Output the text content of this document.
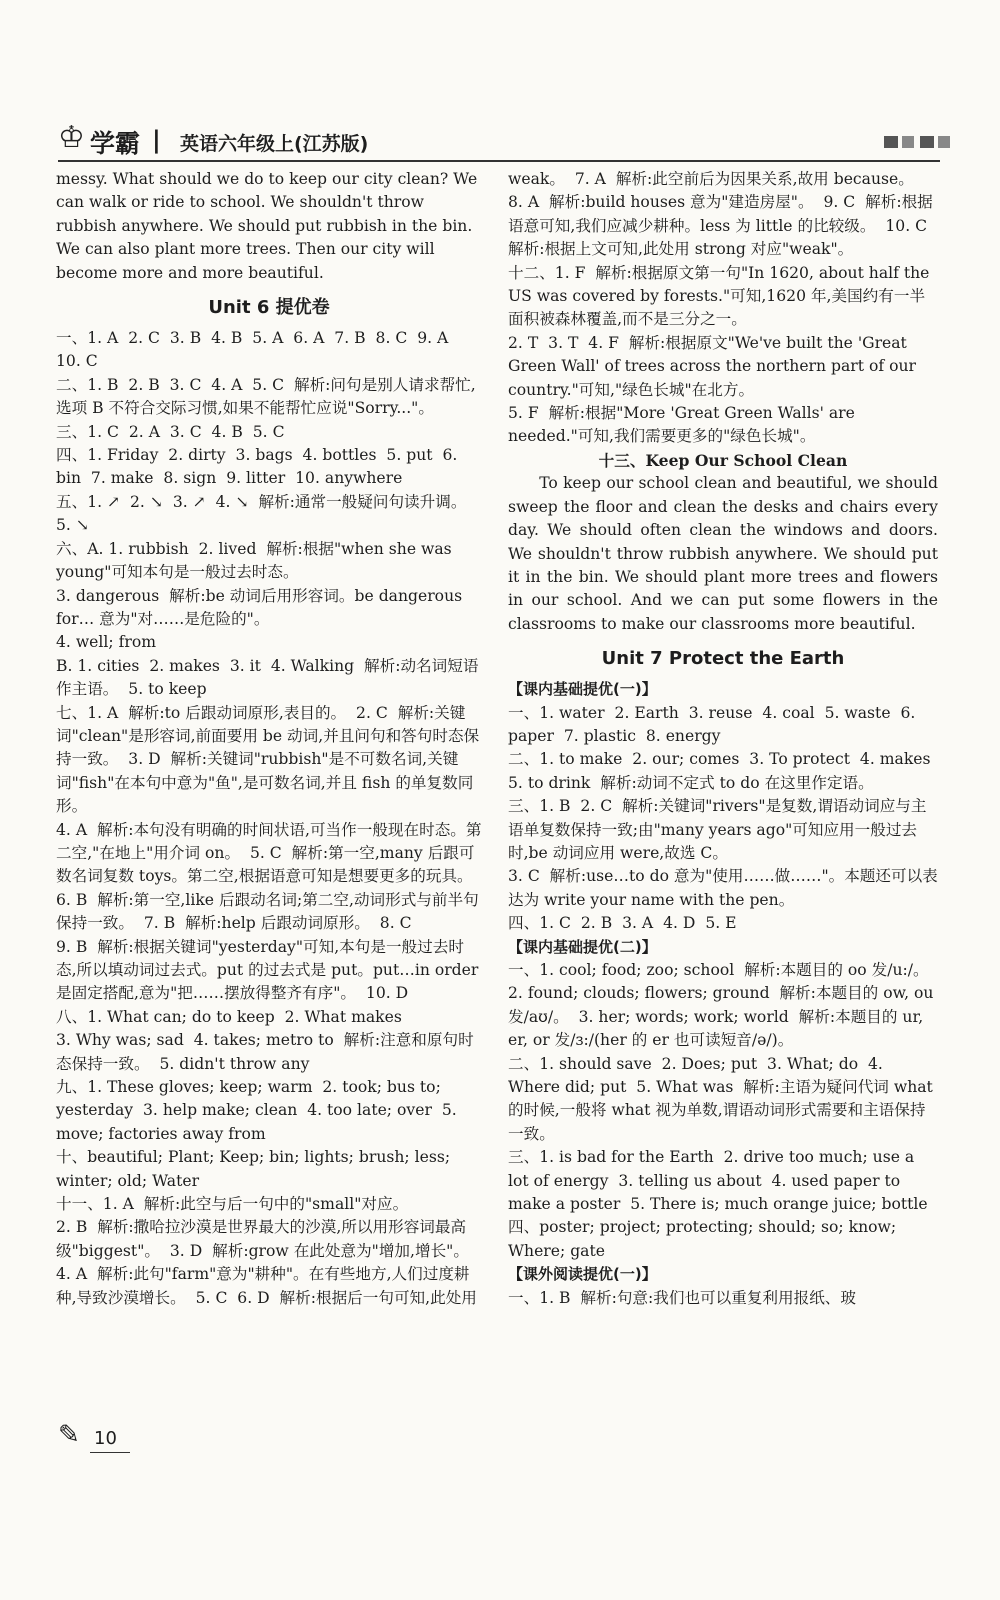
♔ 学霸 | 英语六年级上(江苏版)

messy. What should we do to keep our city clean? We can walk or ride to school. We shouldn't throw rubbish anywhere. We should put rubbish in the bin. We can also plant more trees. Then our city will become more and more beautiful.

Unit 6 提优卷

一、1. A  2. C  3. B  4. B  5. A  6. A  7. B  8. C  9. A  10. C

二、1. B  2. B  3. C  4. A  5. C  解析:问句是别人请求帮忙,选项 B 不符合交际习惯,如果不能帮忙应说"Sorry..."。

三、1. C  2. A  3. C  4. B  5. C

四、1. Friday  2. dirty  3. bags  4. bottles  5. put  6. bin  7. make  8. sign  9. litter  10. anywhere

五、1. ↗  2. ↘  3. ↗  4. ↘  解析:通常一般疑问句读升调。  5. ↘

六、A. 1. rubbish  2. lived  解析:根据"when she was young"可知本句是一般过去时态。

3. dangerous  解析:be 动词后用形容词。be dangerous for… 意为"对……是危险的"。

4. well; from

B. 1. cities  2. makes  3. it  4. Walking  解析:动名词短语作主语。  5. to keep

七、1. A  解析:to 后跟动词原形,表目的。  2. C  解析:关键词"clean"是形容词,前面要用 be 动词,并且问句和答句时态保持一致。  3. D  解析:关键词"rubbish"是不可数名词,关键词"fish"在本句中意为"鱼",是可数名词,并且 fish 的单复数同形。

4. A  解析:本句没有明确的时间状语,可当作一般现在时态。第二空,"在地上"用介词 on。  5. C  解析:第一空,many 后跟可数名词复数 toys。第二空,根据语意可知是想要更多的玩具。  6. B  解析:第一空,like 后跟动名词;第二空,动词形式与前半句保持一致。  7. B  解析:help 后跟动词原形。  8. C

9. B  解析:根据关键词"yesterday"可知,本句是一般过去时态,所以填动词过去式。put 的过去式是 put。put…in order 是固定搭配,意为"把……摆放得整齐有序"。  10. D

八、1. What can; do to keep  2. What makes

3. Why was; sad  4. takes; metro to  解析:注意和原句时态保持一致。  5. didn't throw any

九、1. These gloves; keep; warm  2. took; bus to; yesterday  3. help make; clean  4. too late; over  5. move; factories away from

十、beautiful; Plant; Keep; bin; lights; brush; less; winter; old; Water

十一、1. A  解析:此空与后一句中的"small"对应。

2. B  解析:撒哈拉沙漠是世界最大的沙漠,所以用形容词最高级"biggest"。  3. D  解析:grow 在此处意为"增加,增长"。  4. A  解析:此句"farm"意为"耕种"。在有些地方,人们过度耕种,导致沙漠增长。  5. C  6. D  解析:根据后一句可知,此处用

weak。  7. A  解析:此空前后为因果关系,故用 because。  8. A  解析:build houses 意为"建造房屋"。  9. C  解析:根据语意可知,我们应减少耕种。less 为 little 的比较级。  10. C  解析:根据上文可知,此处用 strong 对应"weak"。

十二、1. F  解析:根据原文第一句"In 1620, about half the US was covered by forests."可知,1620 年,美国约有一半面积被森林覆盖,而不是三分之一。

2. T  3. T  4. F  解析:根据原文"We've built the 'Great Green Wall' of trees across the northern part of our country."可知,"绿色长城"在北方。

5. F  解析:根据"More 'Great Green Walls' are needed."可知,我们需要更多的"绿色长城"。

十三、Keep Our School Clean

To keep our school clean and beautiful, we should sweep the floor and clean the desks and chairs every day. We should often clean the windows and doors. We shouldn't throw rubbish anywhere. We should put it in the bin. We should plant more trees and flowers in our school. And we can put some flowers in the classrooms to make our classrooms more beautiful.

Unit 7 Protect the Earth

【课内基础提优(一)】

一、1. water  2. Earth  3. reuse  4. coal  5. waste  6. paper  7. plastic  8. energy

二、1. to make  2. our; comes  3. To protect  4. makes  5. to drink  解析:动词不定式 to do 在这里作定语。

三、1. B  2. C  解析:关键词"rivers"是复数,谓语动词应与主语单复数保持一致;由"many years ago"可知应用一般过去时,be 动词应用 were,故选 C。

3. C  解析:use…to do 意为"使用……做……"。本题还可以表达为 write your name with the pen。

四、1. C  2. B  3. A  4. D  5. E

【课内基础提优(二)】

一、1. cool; food; zoo; school  解析:本题目的 oo 发/u:/。  2. found; clouds; flowers; ground  解析:本题目的 ow, ou 发/aʊ/。  3. her; words; work; world  解析:本题目的 ur, er, or 发/ɜ:/(her 的 er 也可读短音/ə/)。

二、1. should save  2. Does; put  3. What; do  4. Where did; put  5. What was  解析:主语为疑问代词 what 的时候,一般将 what 视为单数,谓语动词形式需要和主语保持一致。

三、1. is bad for the Earth  2. drive too much; use a lot of energy  3. telling us about  4. used paper to make a poster  5. There is; much orange juice; bottle

四、poster; project; protecting; should; so; know; Where; gate

【课外阅读提优(一)】

一、1. B  解析:句意:我们也可以重复利用报纸、玻

✎ 10
